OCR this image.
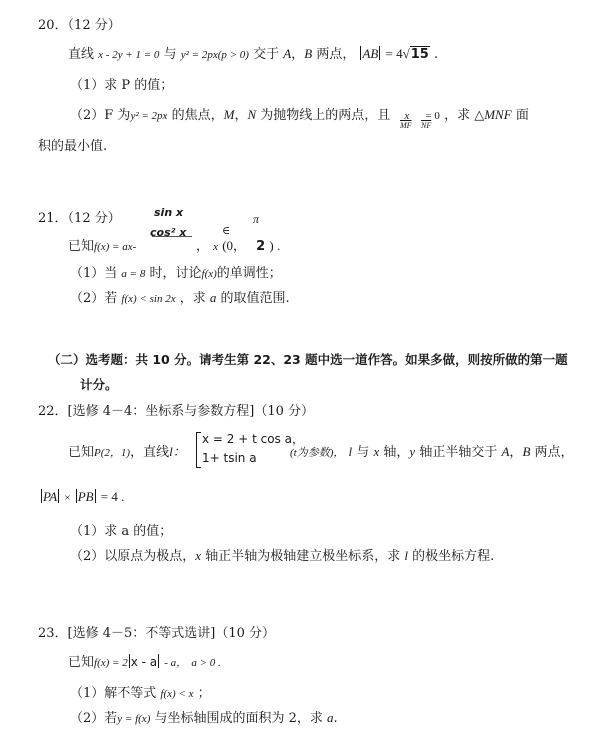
20．（12 分）
直线 x - 2y + 1 = 0 与 y² = 2px(p > 0) 交于 A，B 两点， AB = 4√15 .
（1）求 P 的值；
（2）F 为y² = 2px 的焦点，M，N 为抛物线上的两点，且 x = 0 ，求 △MNF 面
$\overline{MF}$ $\overline{NF}$
积的最小值.
21．（12 分）	sin x
cos² x
已知f(x) = ax-	， x (0， 2 ) .
∈
π
（1）当 a = 8 时，讨论f(x)的单调性；
（2）若 f(x) < sin 2x ，求 a 的取值范围.
（二）选考题：共 10 分。请考生第 22、23 题中选一道作答。如果多做，则按所做的第一题
计分。
22．[选修 4－4：坐标系与参数方程]（10 分）
已知P(2，1)，直线l：
x = 2 + t cos a，
1+ tsin a	(t为参数)， l 与 x 轴，y 轴正半轴交于 A，B 两点，
PA × PB = 4 .
（1）求 a 的值；
（2）以原点为极点，x 轴正半轴为极轴建立极坐标系，求 l 的极坐标方程.
23．[选修 4－5：不等式选讲]（10 分）
已知f(x) = 2 x - a - a， a > 0 .
（1）解不等式 f(x) < x ；
（2）若y = f(x) 与坐标轴围成的面积为 2，求 a.
